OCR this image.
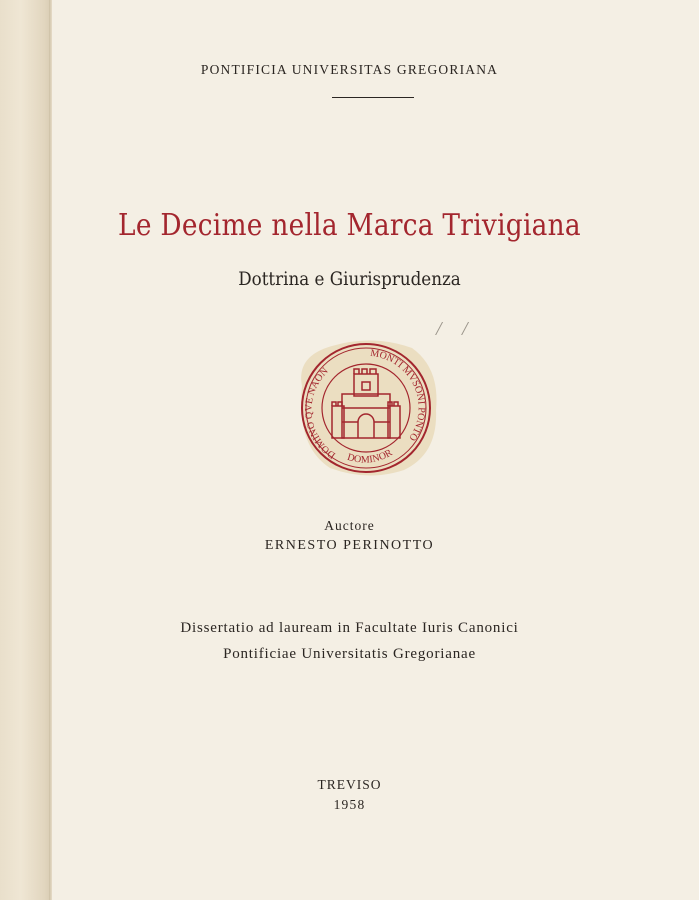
PONTIFICIA UNIVERSITAS GREGORIANA
Le Decime nella Marca Trivigiana
Dottrina e Giurisprudenza
/ /
DOMINO QVE NAON
MONTI MVSONI PONTO
DOMINOR
Auctore
ERNESTO PERINOTTO
Dissertatio ad lauream in Facultate Iuris Canonici
Pontificiae Universitatis Gregorianae
TREVISO
1958
